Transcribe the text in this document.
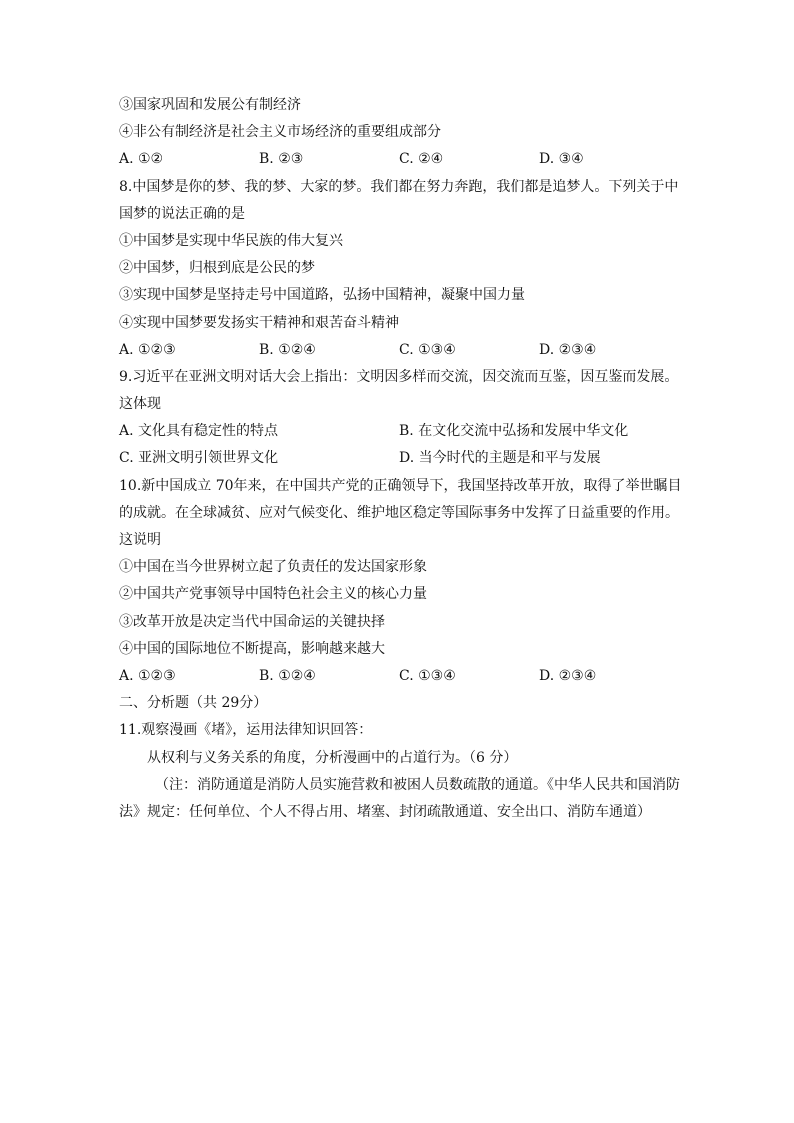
③国家巩固和发展公有制经济
④非公有制经济是社会主义市场经济的重要组成部分
A. ①②	B. ②③	C. ②④	D. ③④
8.中国梦是你的梦、我的梦、大家的梦。我们都在努力奔跑，我们都是追梦人。下列关于中
国梦的说法正确的是
①中国梦是实现中华民族的伟大复兴
②中国梦，归根到底是公民的梦
③实现中国梦是坚持走号中国道路，弘扬中国精神，凝聚中国力量
④实现中国梦要发扬实干精神和艰苦奋斗精神
A. ①②③	B. ①②④	C. ①③④	D. ②③④
9.习近平在亚洲文明对话大会上指出：文明因多样而交流，因交流而互鉴，因互鉴而发展。
这体现
A. 文化具有稳定性的特点	B. 在文化交流中弘扬和发展中华文化
C. 亚洲文明引领世界文化	D. 当今时代的主题是和平与发展
10.新中国成立 70年来，在中国共产党的正确领导下，我国坚持改革开放，取得了举世瞩目
的成就。在全球减贫、应对气候变化、维护地区稳定等国际事务中发挥了日益重要的作用。
这说明
①中国在当今世界树立起了负责任的发达国家形象
②中国共产党事领导中国特色社会主义的核心力量
③改革开放是决定当代中国命运的关键抉择
④中国的国际地位不断提高，影响越来越大
A. ①②③	B. ①②④	C. ①③④	D. ②③④
二、分析题（共 29分）
11.观察漫画《堵》，运用法律知识回答：
从权利与义务关系的角度，分析漫画中的占道行为。（6 分）
（注：消防通道是消防人员实施营救和被困人员数疏散的通道。《中华人民共和国消防
法》规定：任何单位、个人不得占用、堵塞、封闭疏散通道、安全出口、消防车通道）
